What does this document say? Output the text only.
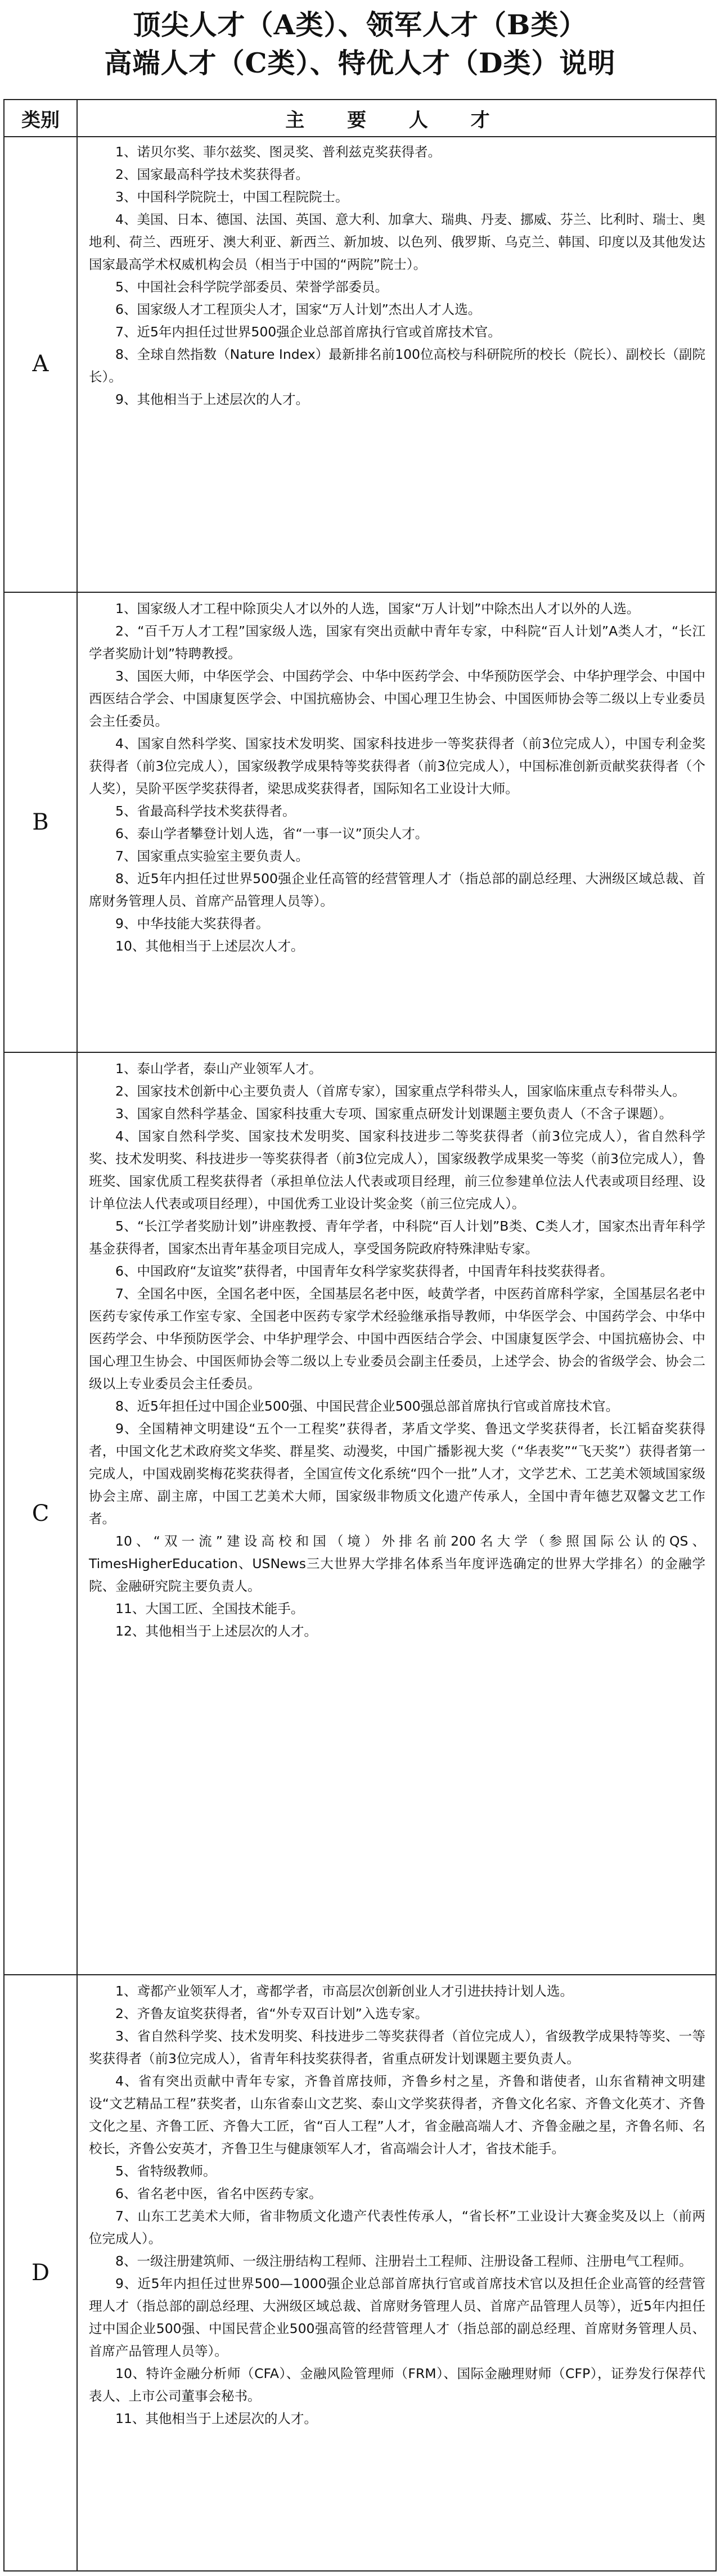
顶尖人才（A类）、领军人才（B类）
高端人才（C类）、特优人才（D类）说明
类别	主 要 人 才
A

1、诺贝尔奖、菲尔兹奖、图灵奖、普利兹克奖获得者。

2、国家最高科学技术奖获得者。

3、中国科学院院士，中国工程院院士。

4、美国、日本、德国、法国、英国、意大利、加拿大、瑞典、丹麦、挪威、芬兰、比利时、瑞士、奥地利、荷兰、西班牙、澳大利亚、新西兰、新加坡、以色列、俄罗斯、乌克兰、韩国、印度以及其他发达国家最高学术权威机构会员（相当于中国的“两院”院士）。

5、中国社会科学院学部委员、荣誉学部委员。

6、国家级人才工程顶尖人才，国家“万人计划”杰出人才人选。

7、近5年内担任过世界500强企业总部首席执行官或首席技术官。

8、全球自然指数（Nature Index）最新排名前100位高校与科研院所的校长（院长）、副校长（副院长）。

9、其他相当于上述层次的人才。

B

1、国家级人才工程中除顶尖人才以外的人选，国家“万人计划”中除杰出人才以外的人选。

2、“百千万人才工程”国家级人选，国家有突出贡献中青年专家，中科院“百人计划”A类人才，“长江学者奖励计划”特聘教授。

3、国医大师，中华医学会、中国药学会、中华中医药学会、中华预防医学会、中华护理学会、中国中西医结合学会、中国康复医学会、中国抗癌协会、中国心理卫生协会、中国医师协会等二级以上专业委员会主任委员。

4、国家自然科学奖、国家技术发明奖、国家科技进步一等奖获得者（前3位完成人），中国专利金奖获得者（前3位完成人），国家级教学成果特等奖获得者（前3位完成人），中国标准创新贡献奖获得者（个人奖），吴阶平医学奖获得者，梁思成奖获得者，国际知名工业设计大师。

5、省最高科学技术奖获得者。

6、泰山学者攀登计划人选，省“一事一议”顶尖人才。

7、国家重点实验室主要负责人。

8、近5年内担任过世界500强企业任高管的经营管理人才（指总部的副总经理、大洲级区域总裁、首席财务管理人员、首席产品管理人员等）。

9、中华技能大奖获得者。

10、其他相当于上述层次人才。

C

1、泰山学者，泰山产业领军人才。

2、国家技术创新中心主要负责人（首席专家），国家重点学科带头人，国家临床重点专科带头人。

3、国家自然科学基金、国家科技重大专项、国家重点研发计划课题主要负责人（不含子课题）。

4、国家自然科学奖、国家技术发明奖、国家科技进步二等奖获得者（前3位完成人），省自然科学奖、技术发明奖、科技进步一等奖获得者（前3位完成人），国家级教学成果奖一等奖（前3位完成人），鲁班奖、国家优质工程奖获得者（承担单位法人代表或项目经理，前三位参建单位法人代表或项目经理、设计单位法人代表或项目经理），中国优秀工业设计奖金奖（前三位完成人）。

5、“长江学者奖励计划”讲座教授、青年学者，中科院“百人计划”B类、C类人才，国家杰出青年科学基金获得者，国家杰出青年基金项目完成人，享受国务院政府特殊津贴专家。

6、中国政府“友谊奖”获得者，中国青年女科学家奖获得者，中国青年科技奖获得者。

7、全国名中医，全国名老中医，全国基层名老中医，岐黄学者，中医药首席科学家，全国基层名老中医药专家传承工作室专家、全国老中医药专家学术经验继承指导教师，中华医学会、中国药学会、中华中医药学会、中华预防医学会、中华护理学会、中国中西医结合学会、中国康复医学会、中国抗癌协会、中国心理卫生协会、中国医师协会等二级以上专业委员会副主任委员，上述学会、协会的省级学会、协会二级以上专业委员会主任委员。

8、近5年担任过中国企业500强、中国民营企业500强总部首席执行官或首席技术官。

9、全国精神文明建设“五个一工程奖”获得者，茅盾文学奖、鲁迅文学奖获得者，长江韬奋奖获得者，中国文化艺术政府奖文华奖、群星奖、动漫奖，中国广播影视大奖（“华表奖”“飞天奖”）获得者第一完成人，中国戏剧奖梅花奖获得者，全国宣传文化系统“四个一批”人才，文学艺术、工艺美术领域国家级协会主席、副主席，中国工艺美术大师，国家级非物质文化遗产传承人，全国中青年德艺双馨文艺工作者。

10、“双一流”建设高校和国（境）外排名前200名大学（参照国际公认的QS、TimesHigherEducation、USNews三大世界大学排名体系当年度评选确定的世界大学排名）的金融学院、金融研究院主要负责人。

11、大国工匠、全国技术能手。

12、其他相当于上述层次的人才。

D

1、鸢都产业领军人才，鸢都学者，市高层次创新创业人才引进扶持计划人选。

2、齐鲁友谊奖获得者，省“外专双百计划”入选专家。

3、省自然科学奖、技术发明奖、科技进步二等奖获得者（首位完成人），省级教学成果特等奖、一等奖获得者（前3位完成人），省青年科技奖获得者，省重点研发计划课题主要负责人。

4、省有突出贡献中青年专家，齐鲁首席技师，齐鲁乡村之星，齐鲁和谐使者，山东省精神文明建设“文艺精品工程”获奖者，山东省泰山文艺奖、泰山文学奖获得者，齐鲁文化名家、齐鲁文化英才、齐鲁文化之星、齐鲁工匠、齐鲁大工匠，省“百人工程”人才，省金融高端人才、齐鲁金融之星，齐鲁名师、名校长，齐鲁公安英才，齐鲁卫生与健康领军人才，省高端会计人才，省技术能手。

5、省特级教师。

6、省名老中医，省名中医药专家。

7、山东工艺美术大师，省非物质文化遗产代表性传承人，“省长杯”工业设计大赛金奖及以上（前两位完成人）。

8、一级注册建筑师、一级注册结构工程师、注册岩土工程师、注册设备工程师、注册电气工程师。

9、近5年内担任过世界500—1000强企业总部首席执行官或首席技术官以及担任企业高管的经营管理人才（指总部的副总经理、大洲级区域总裁、首席财务管理人员、首席产品管理人员等），近5年内担任过中国企业500强、中国民营企业500强高管的经营管理人才（指总部的副总经理、首席财务管理人员、首席产品管理人员等）。

10、特许金融分析师（CFA）、金融风险管理师（FRM）、国际金融理财师（CFP），证券发行保荐代表人、上市公司董事会秘书。

11、其他相当于上述层次的人才。
